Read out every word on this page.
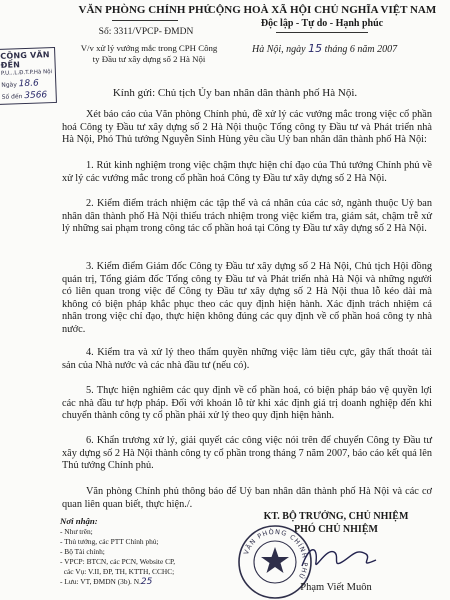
VĂN PHÒNG CHÍNH PHỦ
Số: 3311/VPCP- ĐMDN
V/v xử lý vướng mắc trong CPH Công
ty Đầu tư xây dựng số 2 Hà Nội
CỘNG HOÀ XÃ HỘI CHỦ NGHĨA VIỆT NAM
Độc lập - Tự do - Hạnh phúc
Hà Nội, ngày 15 tháng 6 năm 2007
CÔNG VĂN ĐẾN
P.U...L.Đ.T.P.Hà Nội
Ngày 18.6
Số đến 3566	Kính gửi: Chủ tịch Ủy ban nhân dân thành phố Hà Nội.
Xét báo cáo của Văn phòng Chính phủ, đề xử lý các vướng mắc trong việc cổ phần hoá Công ty Đầu tư xây dựng số 2 Hà Nội thuộc Tổng công ty Đầu tư và Phát triển nhà Hà Nội, Phó Thủ tướng Nguyễn Sinh Hùng yêu cầu Uỷ ban nhân dân thành phố Hà Nội:
1. Rút kinh nghiệm trong việc chậm thực hiện chỉ đạo của Thủ tướng Chính phủ về xử lý các vướng mắc trong cổ phần hoá Công ty Đầu tư xây dựng số 2 Hà Nội.
2. Kiểm điểm trách nhiệm các tập thể và cá nhân của các sở, ngành thuộc Uỷ ban nhân dân thành phố Hà Nội thiếu trách nhiệm trong việc kiểm tra, giám sát, chậm trễ xử lý những sai phạm trong công tác cổ phần hoá tại Công ty Đầu tư xây dựng số 2 Hà Nội.
3. Kiểm điểm Giám đốc Công ty Đầu tư xây dựng số 2 Hà Nội, Chủ tịch Hội đồng quản trị, Tổng giám đốc Tổng công ty Đầu tư và Phát triển nhà Hà Nội và những người có liên quan trong việc để Công ty Đầu tư xây dựng số 2 Hà Nội thua lỗ kéo dài mà không có biện pháp khắc phục theo các quy định hiện hành. Xác định trách nhiệm cá nhân trong việc chỉ đạo, thực hiện không đúng các quy định về cổ phần hoá công ty nhà nước.
4. Kiểm tra và xử lý theo thẩm quyền những việc làm tiêu cực, gây thất thoát tài sản của Nhà nước và các nhà đầu tư (nếu có).
5. Thực hiện nghiêm các quy định về cổ phần hoá, có biện pháp bảo vệ quyền lợi các nhà đầu tư hợp pháp. Đối với khoản lỗ từ khi xác định giá trị doanh nghiệp đến khi chuyển thành công ty cổ phần phải xử lý theo quy định hiện hành.
6. Khẩn trương xử lý, giải quyết các công việc nói trên để chuyển Công ty Đầu tư xây dựng số 2 Hà Nội thành công ty cổ phần trong tháng 7 năm 2007, báo cáo kết quả lên Thủ tướng Chính phủ.
Văn phòng Chính phủ thông báo để Uỷ ban nhân dân thành phố Hà Nội và các cơ quan liên quan biết, thực hiện./.
Nơi nhận:
- Như trên;
- Thủ tướng, các PTT Chính phủ;
- Bộ Tài chính;
- VPCP: BTCN, các PCN, Website CP,
các Vụ: V.II, ĐP, TH, KTTH, CCHC;
- Lưu: VT, ĐMDN (3b). N.25
KT. BỘ TRƯỞNG, CHỦ NHIỆM
PHÓ CHỦ NHIỆM
VĂN PHÒNG CHÍNH PHỦ
Phạm Viết Muôn
